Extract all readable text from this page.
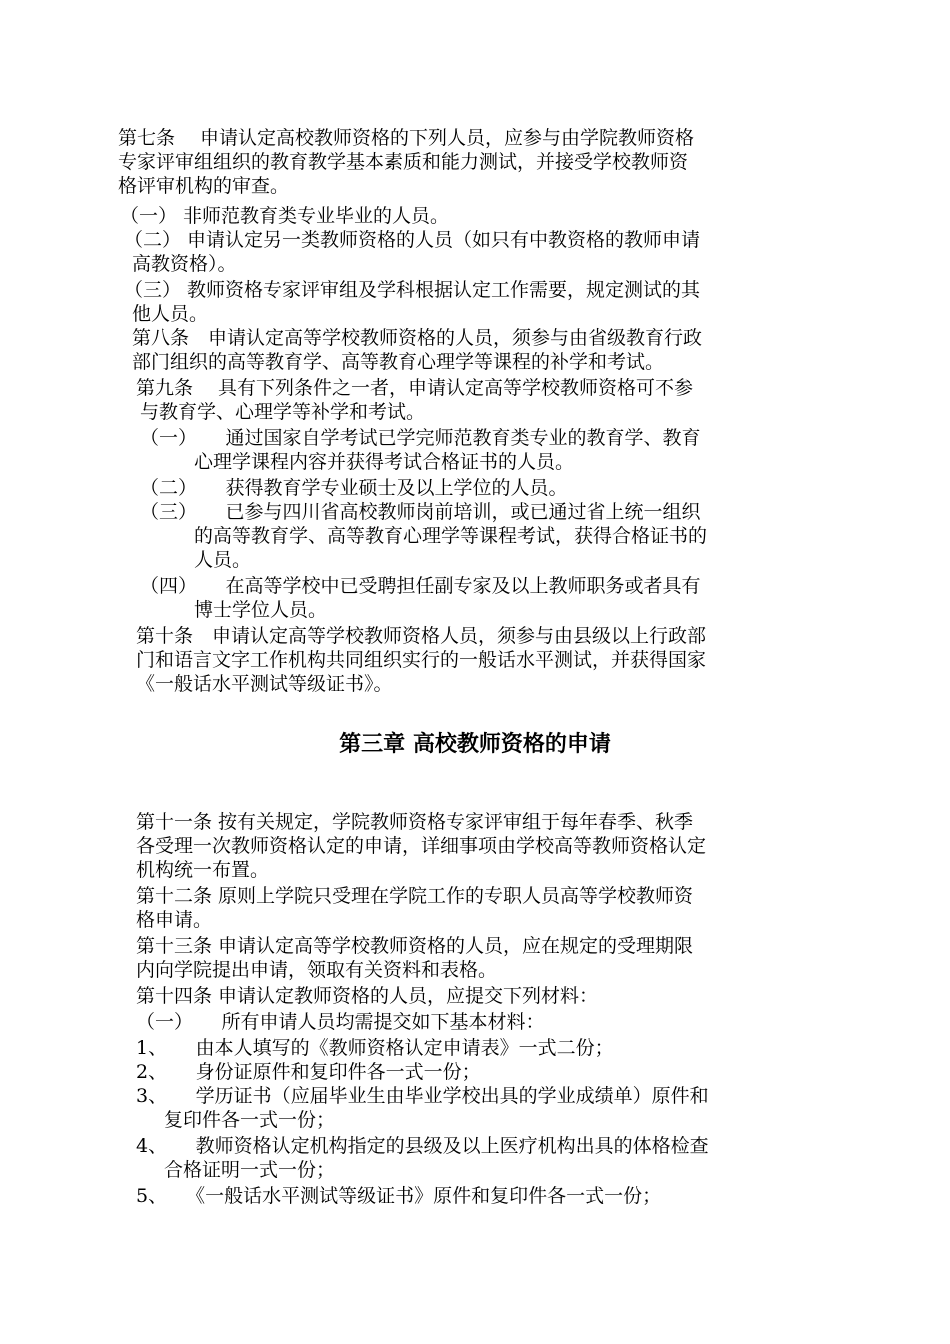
第七条　 申请认定高校教师资格的下列人员，应参与由学院教师资格
专家评审组组织的教育教学基本素质和能力测试，并接受学校教师资
格评审机构的审查。
（一） 非师范教育类专业毕业的人员。
（二） 申请认定另一类教师资格的人员（如只有中教资格的教师申请
高教资格）。
（三） 教师资格专家评审组及学科根据认定工作需要，规定测试的其
他人员。
第八条　申请认定高等学校教师资格的人员，须参与由省级教育行政
部门组织的高等教育学、高等教育心理学等课程的补学和考试。
第九条　 具有下列条件之一者，申请认定高等学校教师资格可不参
与教育学、心理学等补学和考试。
（一）　　通过国家自学考试已学完师范教育类专业的教育学、教育
心理学课程内容并获得考试合格证书的人员。
（二）　　获得教育学专业硕士及以上学位的人员。
（三）　　已参与四川省高校教师岗前培训，或已通过省上统一组织
的高等教育学、高等教育心理学等课程考试，获得合格证书的
人员。
（四）　　在高等学校中已受聘担任副专家及以上教师职务或者具有
博士学位人员。
第十条　申请认定高等学校教师资格人员，须参与由县级以上行政部
门和语言文字工作机构共同组织实行的一般话水平测试，并获得国家
《一般话水平测试等级证书》。
第三章 高校教师资格的申请
第十一条 按有关规定，学院教师资格专家评审组于每年春季、秋季
各受理一次教师资格认定的申请，详细事项由学校高等教师资格认定
机构统一布置。
第十二条 原则上学院只受理在学院工作的专职人员高等学校教师资
格申请。
第十三条 申请认定高等学校教师资格的人员，应在规定的受理期限
内向学院提出申请，领取有关资料和表格。
第十四条 申请认定教师资格的人员，应提交下列材料：
（一）　　所有申请人员均需提交如下基本材料：
1、　　由本人填写的《教师资格认定申请表》一式二份；
2、　　身份证原件和复印件各一式一份；
3、　　学历证书（应届毕业生由毕业学校出具的学业成绩单）原件和
复印件各一式一份；
4、　　教师资格认定机构指定的县级及以上医疗机构出具的体格检查
合格证明一式一份；
5、　　《一般话水平测试等级证书》原件和复印件各一式一份；
